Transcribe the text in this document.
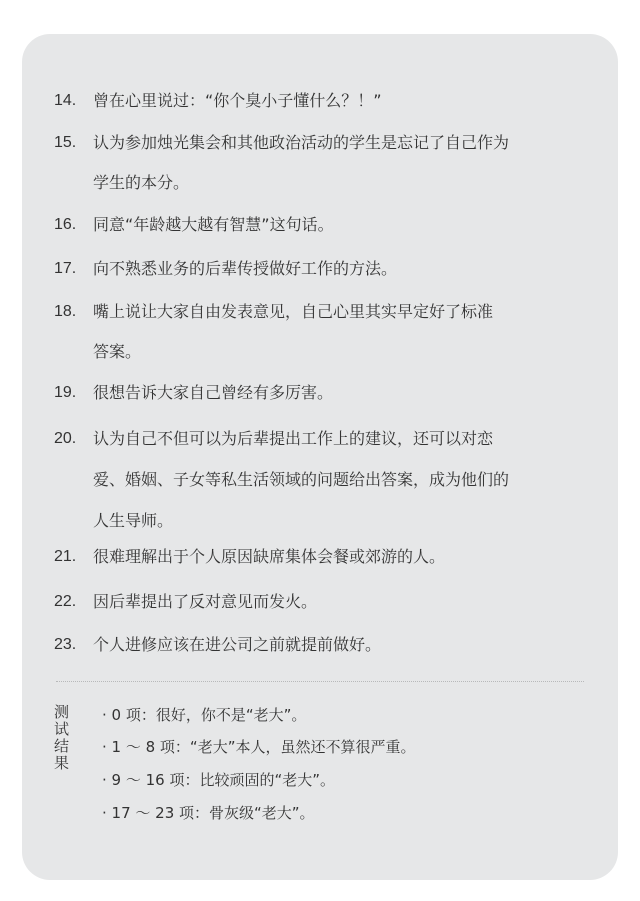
14.	曾在心里说过：“你个臭小子懂什么？！”
15.	认为参加烛光集会和其他政治活动的学生是忘记了自己作为
学生的本分。
16.	同意“年龄越大越有智慧”这句话。
17.	向不熟悉业务的后辈传授做好工作的方法。
18.	嘴上说让大家自由发表意见，自己心里其实早定好了标准
答案。
19.	很想告诉大家自己曾经有多厉害。
20.	认为自己不但可以为后辈提出工作上的建议，还可以对恋
爱、婚姻、子女等私生活领域的问题给出答案，成为他们的
人生导师。
21.	很难理解出于个人原因缺席集体会餐或郊游的人。
22.	因后辈提出了反对意见而发火。
23.	个人进修应该在进公司之前就提前做好。
测试结果
· 0 项：很好，你不是“老大”。
· 1 ～ 8 项：“老大”本人，虽然还不算很严重。
· 9 ～ 16 项：比较顽固的“老大”。
· 17 ～ 23 项：骨灰级“老大”。
